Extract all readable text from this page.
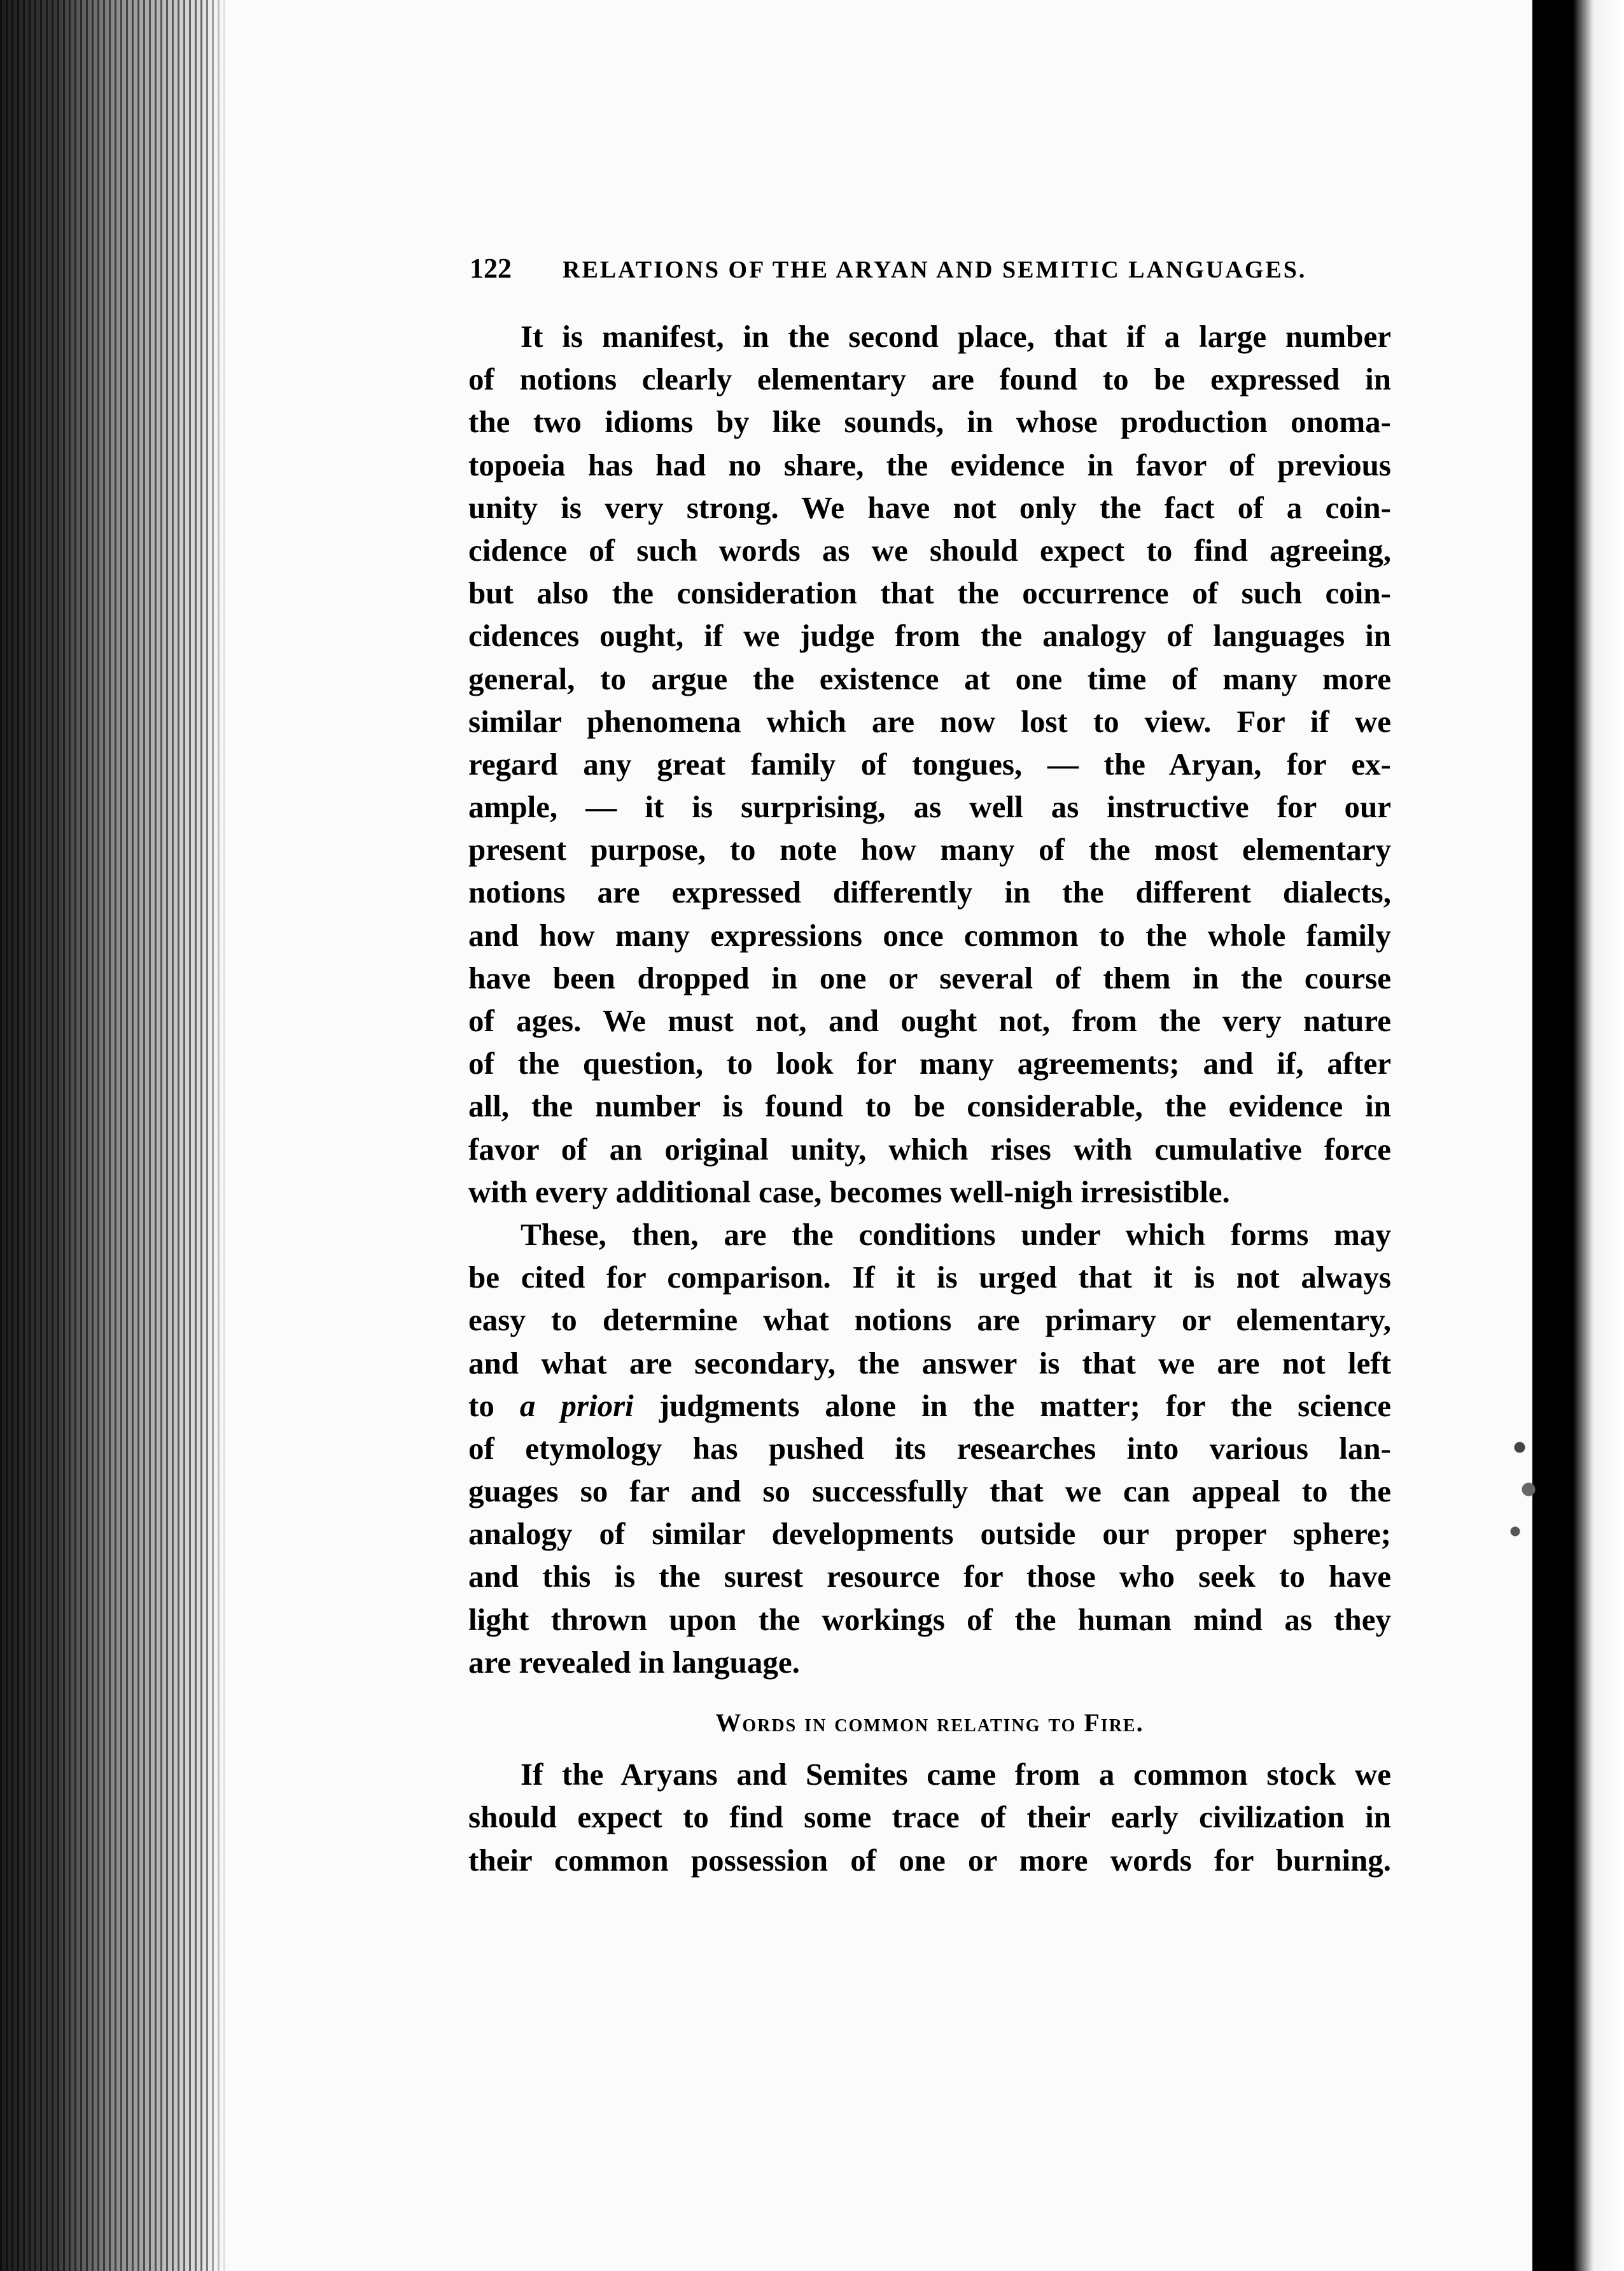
122 RELATIONS OF THE ARYAN AND SEMITIC LANGUAGES.
It is manifest, in the second place, that if a large number
of notions clearly elementary are found to be expressed in
the two idioms by like sounds, in whose production onoma-
topoeia has had no share, the evidence in favor of previous
unity is very strong. We have not only the fact of a coin-
cidence of such words as we should expect to find agreeing,
but also the consideration that the occurrence of such coin-
cidences ought, if we judge from the analogy of languages in
general, to argue the existence at one time of many more
similar phenomena which are now lost to view. For if we
regard any great family of tongues, — the Aryan, for ex-
ample, — it is surprising, as well as instructive for our
present purpose, to note how many of the most elementary
notions are expressed differently in the different dialects,
and how many expressions once common to the whole family
have been dropped in one or several of them in the course
of ages. We must not, and ought not, from the very nature
of the question, to look for many agreements; and if, after
all, the number is found to be considerable, the evidence in
favor of an original unity, which rises with cumulative force
with every additional case, becomes well-nigh irresistible.
These, then, are the conditions under which forms may
be cited for comparison. If it is urged that it is not always
easy to determine what notions are primary or elementary,
and what are secondary, the answer is that we are not left
to a priori judgments alone in the matter; for the science
of etymology has pushed its researches into various lan-
guages so far and so successfully that we can appeal to the
analogy of similar developments outside our proper sphere;
and this is the surest resource for those who seek to have
light thrown upon the workings of the human mind as they
are revealed in language.
Words in common relating to Fire.
If the Aryans and Semites came from a common stock we
should expect to find some trace of their early civilization in
their common possession of one or more words for burning.
